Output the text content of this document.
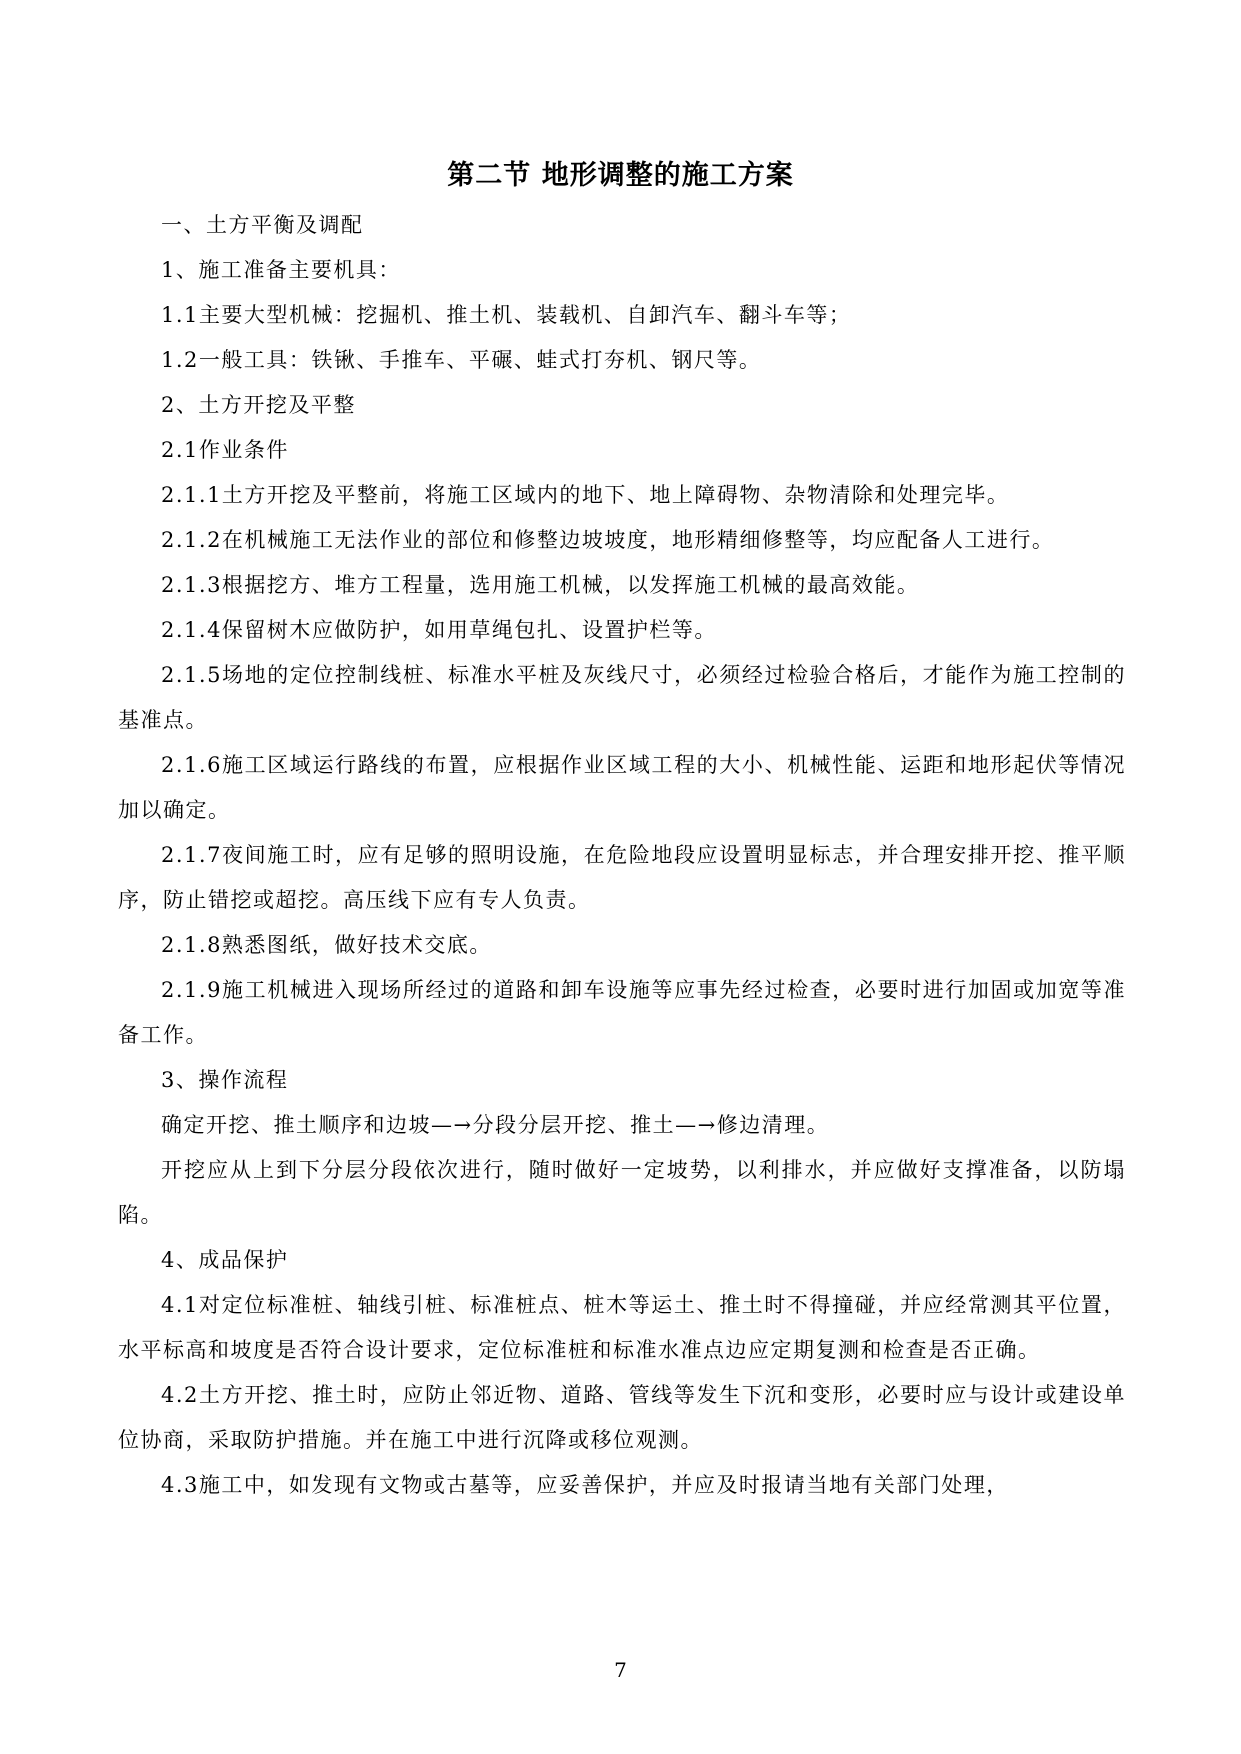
第二节 地形调整的施工方案

一、土方平衡及调配

1、施工准备主要机具：

1.1主要大型机械：挖掘机、推土机、装载机、自卸汽车、翻斗车等；

1.2一般工具：铁锹、手推车、平碾、蛙式打夯机、钢尺等。

2、土方开挖及平整

2.1作业条件

2.1.1土方开挖及平整前，将施工区域内的地下、地上障碍物、杂物清除和处理完毕。

2.1.2在机械施工无法作业的部位和修整边坡坡度，地形精细修整等，均应配备人工进行。

2.1.3根据挖方、堆方工程量，选用施工机械，以发挥施工机械的最高效能。

2.1.4保留树木应做防护，如用草绳包扎、设置护栏等。

2.1.5场地的定位控制线桩、标准水平桩及灰线尺寸，必须经过检验合格后，才能作为施工控制的基准点。

2.1.6施工区域运行路线的布置，应根据作业区域工程的大小、机械性能、运距和地形起伏等情况加以确定。

2.1.7夜间施工时，应有足够的照明设施，在危险地段应设置明显标志，并合理安排开挖、推平顺序，防止错挖或超挖。高压线下应有专人负责。

2.1.8熟悉图纸，做好技术交底。

2.1.9施工机械进入现场所经过的道路和卸车设施等应事先经过检查，必要时进行加固或加宽等准备工作。

3、操作流程

确定开挖、推土顺序和边坡—→分段分层开挖、推土—→修边清理。

开挖应从上到下分层分段依次进行，随时做好一定坡势，以利排水，并应做好支撑准备，以防塌陷。

4、成品保护

4.1对定位标准桩、轴线引桩、标准桩点、桩木等运土、推土时不得撞碰，并应经常测其平位置，水平标高和坡度是否符合设计要求，定位标准桩和标准水准点边应定期复测和检查是否正确。

4.2土方开挖、推土时，应防止邻近物、道路、管线等发生下沉和变形，必要时应与设计或建设单位协商，采取防护措施。并在施工中进行沉降或移位观测。

4.3施工中，如发现有文物或古墓等，应妥善保护，并应及时报请当地有关部门处理，

7
